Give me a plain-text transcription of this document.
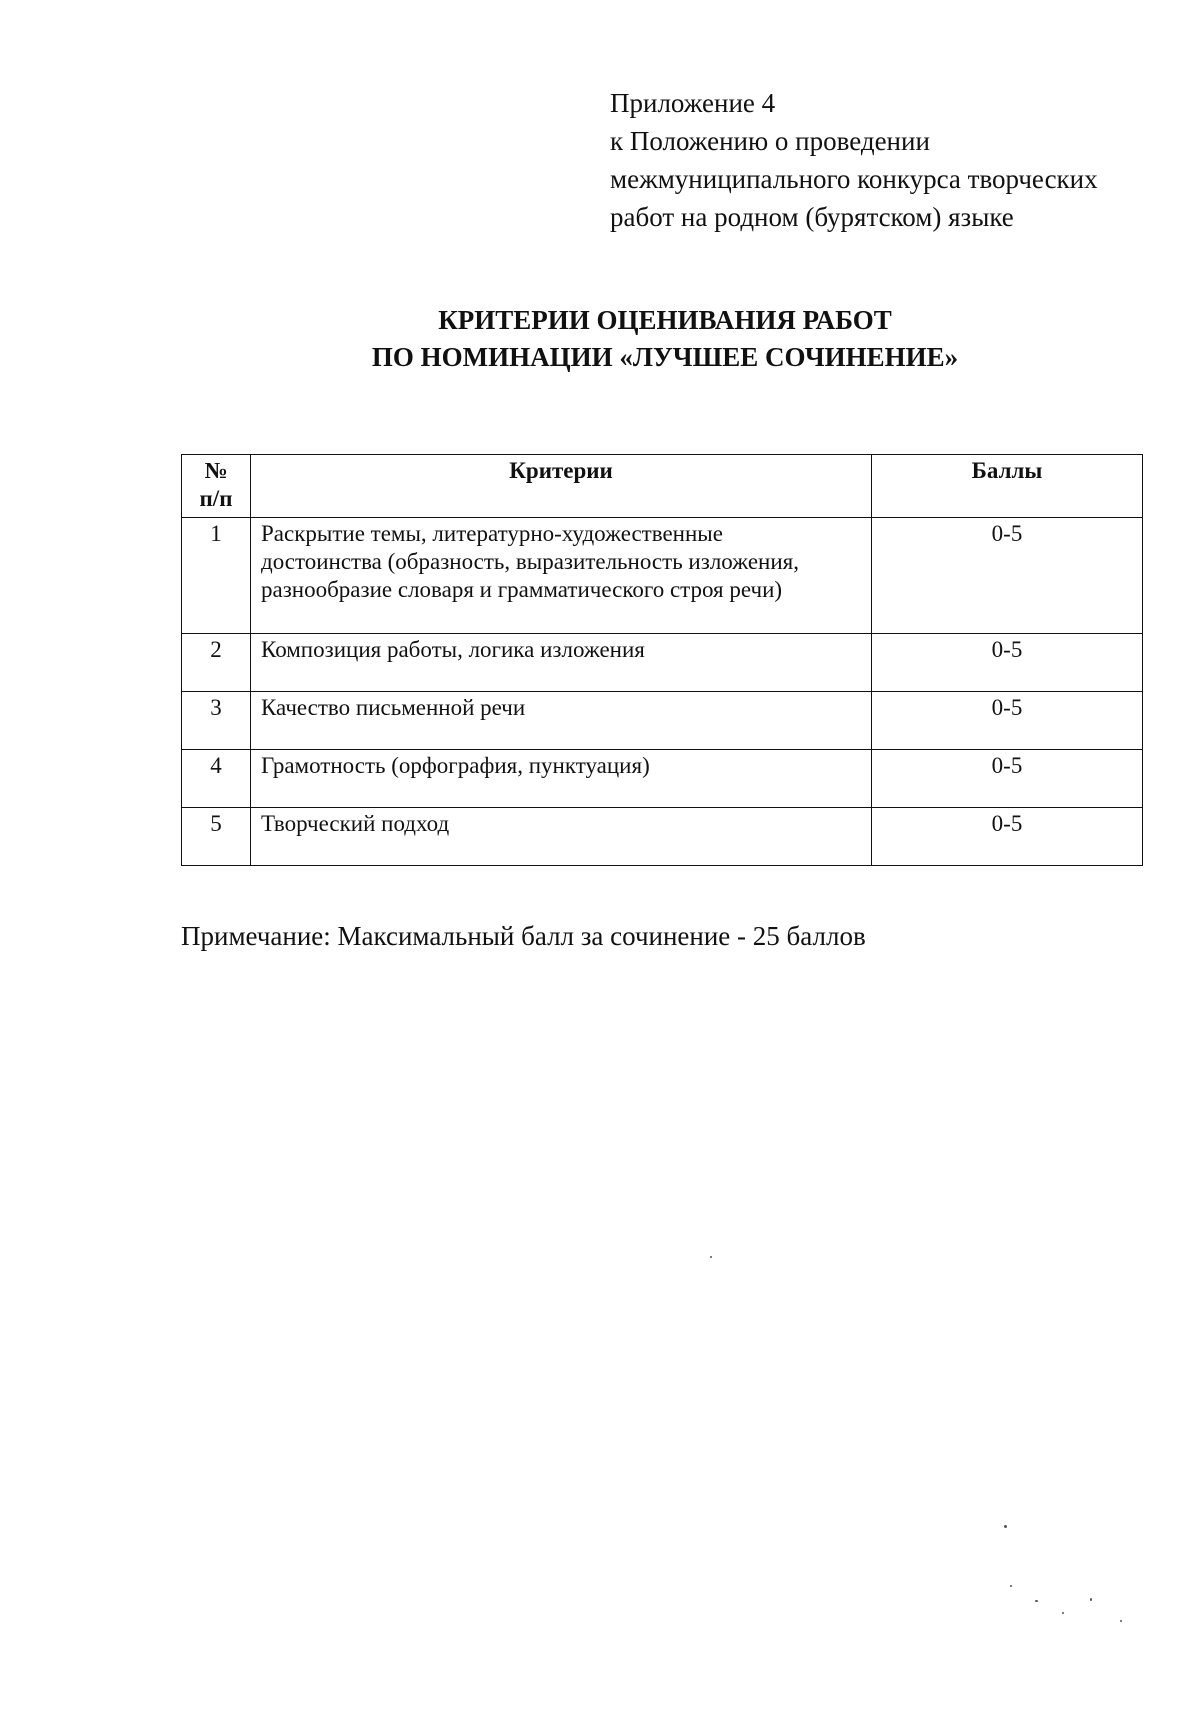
Приложение 4
к Положению о проведении
межмуниципального конкурса творческих
работ на родном (бурятском) языке
КРИТЕРИИ ОЦЕНИВАНИЯ РАБОТ
ПО НОМИНАЦИИ «ЛУЧШЕЕ СОЧИНЕНИЕ»
№
п/п	Критерии	Баллы
1	Раскрытие темы, литературно-художественные
достоинства (образность, выразительность изложения,
разнообразие словаря и грамматического строя речи)	0-5
2	Композиция работы, логика изложения	0-5
3	Качество письменной речи	0-5
4	Грамотность (орфография, пунктуация)	0-5
5	Творческий подход	0-5
Примечание: Максимальный балл за сочинение - 25 баллов
